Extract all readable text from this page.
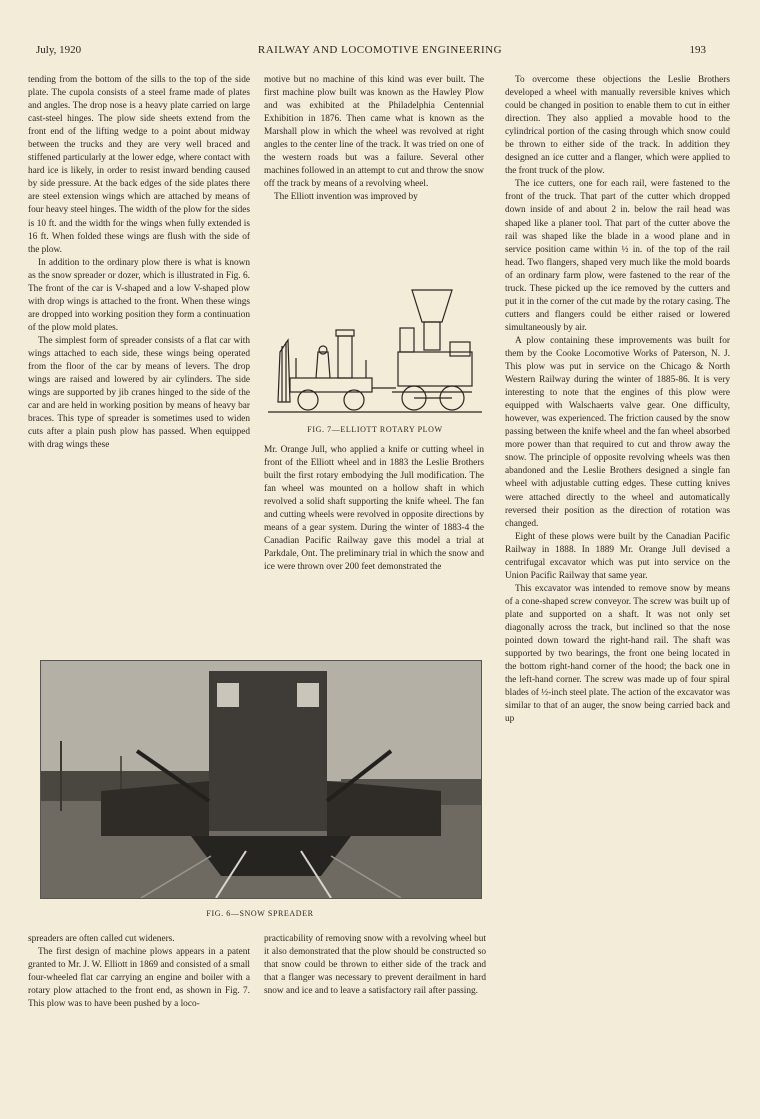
July, 1920	RAILWAY AND LOCOMOTIVE ENGINEERING	193

tending from the bottom of the sills to the top of the side plate. The cupola consists of a steel frame made of plates and angles. The drop nose is a heavy plate carried on large cast-steel hinges. The plow side sheets extend from the front end of the lifting wedge to a point about midway between the trucks and they are very well braced and stiffened particularly at the lower edge, where contact with hard ice is likely, in order to resist inward bending caused by side pressure. At the back edges of the side plates there are steel extension wings which are attached by means of four heavy steel hinges. The width of the plow for the sides is 10 ft. and the width for the wings when fully extended is 16 ft. When folded these wings are flush with the side of the plow.

In addition to the ordinary plow there is what is known as the snow spreader or dozer, which is illustrated in Fig. 6. The front of the car is V-shaped and a low V-shaped plow with drop wings is attached to the front. When these wings are dropped into working position they form a continuation of the plow mold plates.

The simplest form of spreader consists of a flat car with wings attached to each side, these wings being operated from the floor of the car by means of levers. The drop wings are raised and lowered by air cylinders. The side wings are supported by jib cranes hinged to the side of the car and are held in working position by means of heavy bar braces. This type of spreader is sometimes used to widen cuts after a plain push plow has passed. When equipped with drag wings these

motive but no machine of this kind was ever built. The first machine plow built was known as the Hawley Plow and was exhibited at the Philadelphia Centennial Exhibition in 1876. Then came what is known as the Marshall plow in which the wheel was revolved at right angles to the center line of the track. It was tried on one of the western roads but was a failure. Several other machines followed in an attempt to cut and throw the snow off the track by means of a revolving wheel.

The Elliott invention was improved by

FIG. 7—ELLIOTT ROTARY PLOW

Mr. Orange Jull, who applied a knife or cutting wheel in front of the Elliott wheel and in 1883 the Leslie Brothers built the first rotary embodying the Jull modification. The fan wheel was mounted on a hollow shaft in which revolved a solid shaft supporting the knife wheel. The fan and cutting wheels were revolved in opposite directions by means of a gear system. During the winter of 1883-4 the Canadian Pacific Railway gave this model a trial at Parkdale, Ont. The preliminary trial in which the snow and ice were thrown over 200 feet demonstrated the

To overcome these objections the Leslie Brothers developed a wheel with manually reversible knives which could be changed in position to enable them to cut in either direction. They also applied a movable hood to the cylindrical portion of the casing through which snow could be thrown to either side of the track. In addition they designed an ice cutter and a flanger, which were applied to the front truck of the plow.

The ice cutters, one for each rail, were fastened to the front of the truck. That part of the cutter which dropped down inside of and about 2 in. below the rail head was shaped like a planer tool. That part of the cutter above the rail was shaped like the blade in a wood plane and in service position came within ½ in. of the top of the rail head. Two flangers, shaped very much like the mold boards of an ordinary farm plow, were fastened to the rear of the truck. These picked up the ice removed by the cutters and put it in the corner of the cut made by the rotary casing. The cutters and flangers could be either raised or lowered simultaneously by air.

A plow containing these improvements was built for them by the Cooke Locomotive Works of Paterson, N. J. This plow was put in service on the Chicago & North Western Railway during the winter of 1885-86. It is very interesting to note that the engines of this plow were equipped with Walschaerts valve gear. One difficulty, however, was experienced. The friction caused by the snow passing between the knife wheel and the fan wheel absorbed more power than that required to cut and throw away the snow. The principle of opposite revolving wheels was then abandoned and the Leslie Brothers designed a single fan wheel with adjustable cutting edges. These cutting knives were attached directly to the wheel and automatically reversed their position as the direction of rotation was changed.

Eight of these plows were built by the Canadian Pacific Railway in 1888. In 1889 Mr. Orange Jull devised a centrifugal excavator which was put into service on the Union Pacific Railway that same year.

This excavator was intended to remove snow by means of a cone-shaped screw conveyor. The screw was built up of plate and supported on a shaft. It was not only set diagonally across the track, but inclined so that the nose pointed down toward the right-hand rail. The shaft was supported by two bearings, the front one being located in the bottom right-hand corner of the hood; the back one in the left-hand corner. The screw was made up of four spiral blades of ½-inch steel plate. The action of the excavator was similar to that of an auger, the snow being carried back and up

FIG. 6—SNOW SPREADER

spreaders are often called cut wideners.

The first design of machine plows appears in a patent granted to Mr. J. W. Elliott in 1869 and consisted of a small four-wheeled flat car carrying an engine and boiler with a rotary plow attached to the front end, as shown in Fig. 7. This plow was to have been pushed by a loco-

practicability of removing snow with a revolving wheel but it also demonstrated that the plow should be constructed so that snow could be thrown to either side of the track and that a flanger was necessary to prevent derailment in hard snow and ice and to leave a satisfactory rail after passing.
